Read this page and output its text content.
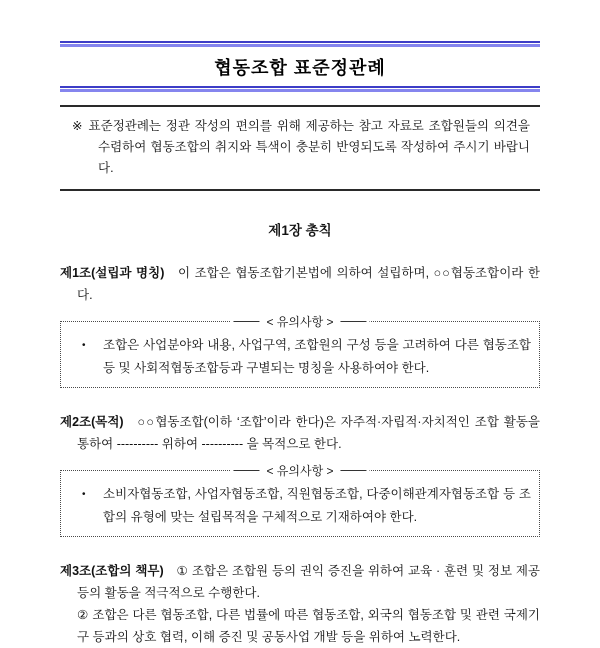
협동조합 표준정관례

※ 표준정관례는 정관 작성의 편의를 위해 제공하는 참고 자료로 조합원들의 의견을 수렴하여 협동조합의 취지와 특색이 충분히 반영되도록 작성하여 주시기 바랍니다.

제1장 총칙

제1조(설립과 명칭) 이 조합은 협동조합기본법에 의하여 설립하며, ○○협동조합이라 한다.

< 유의사항 >

• 조합은 사업분야와 내용, 사업구역, 조합원의 구성 등을 고려하여 다른 협동조합등 및 사회적협동조합등과 구별되는 명칭을 사용하여야 한다.

제2조(목적) ○○협동조합(이하 ‘조합’이라 한다)은 자주적·자립적·자치적인 조합 활동을 통하여 ---------- 위하여 ---------- 을 목적으로 한다.

< 유의사항 >

• 소비자협동조합, 사업자협동조합, 직원협동조합, 다중이해관계자협동조합 등 조합의 유형에 맞는 설립목적을 구체적으로 기재하여야 한다.

제3조(조합의 책무) ① 조합은 조합원 등의 권익 증진을 위하여 교육 · 훈련 및 정보 제공 등의 활동을 적극적으로 수행한다.
② 조합은 다른 협동조합, 다른 법률에 따른 협동조합, 외국의 협동조합 및 관련 국제기구 등과의 상호 협력, 이해 증진 및 공동사업 개발 등을 위하여 노력한다.
